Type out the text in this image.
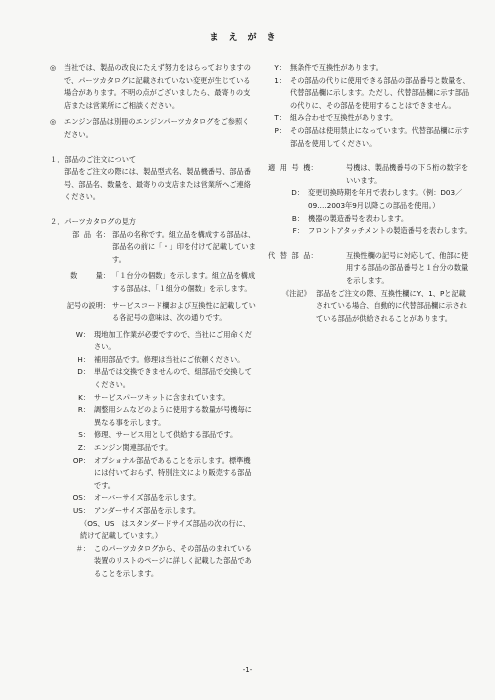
まえがき
◎	当社では、製品の改良にたえず努力をはらっておりますので、パーツカタログに記載されていない変更が生じている場合があります。不明の点がございましたら、最寄りの支店または営業所にご相談ください。
◎	エンジン部品は別冊のエンジンパーツカタログをご参照ください。
１．部品のご注文について
部品をご注文の際には、製品型式名、製品機番号、部品番号、部品名、数量を、最寄りの支店または営業所へご連絡ください。
２．パーツカタログの見方
部  品  名： 部品の名称です。組立品を構成する部品は、部品名の前に「・」印を付けて記載しています。
数        量： 「１台分の個数」を示します。組立品を構成する部品は、「１組分の個数」を示します。
記号の説明： サービスコード欄および互換性に記載している各記号の意味は、次の通りです。
W： 現地加工作業が必要ですので、当社にご用命ください。
H： 補用部品です。修理は当社にご依頼ください。
D： 単品では交換できませんので、組部品で交換してください。
K： サービスパーツキットに含まれています。
R： 調整用シムなどのように使用する数量が号機毎に異なる事を示します。
S： 修理、サービス用として供給する部品です。
Z： エンジン関連部品です。
OP： オプショナル部品であることを示します。標準機には付いておらず、特別注文により販売する部品です。
OS： オーバーサイズ部品を示します。
US： アンダーサイズ部品を示します。
（OS、US　はスタンダードサイズ部品の次の行に、続けて記載しています。）
＃： このパーツカタログから、その部品のまれている装置のリストのページに詳しく記載した部品であることを示します。
Y： 無条件で互換性があります。
1： その部品の代りに使用できる部品の部品番号と数量を、代替部品欄に示します。ただし、代替部品欄に示す部品の代りに、その部品を使用することはできません。
T： 組み合わせで互換性があります。
P： その部品は使用禁止になっています。代替部品欄に示す部品を使用してください。
適  用  号  機：	号機は、製品機番号の下５桁の数字をいいます。
D： 変更切換時期を年月で表わします。（例：D03／09‥‥2003年9月以降この部品を使用。）
B： 機器の製造番号を表わします。
F： フロントアタッチメントの製造番号を表わします。
代  替  部  品：	互換性欄の記号に対応して、他部に使用する部品の部品番号と１台分の数量を示します。
《注記》 部品をご注文の際、互換性欄にY、1、Pと記載されている場合、自動的に代替部品欄に示されている部品が供給されることがあります。
-1-
